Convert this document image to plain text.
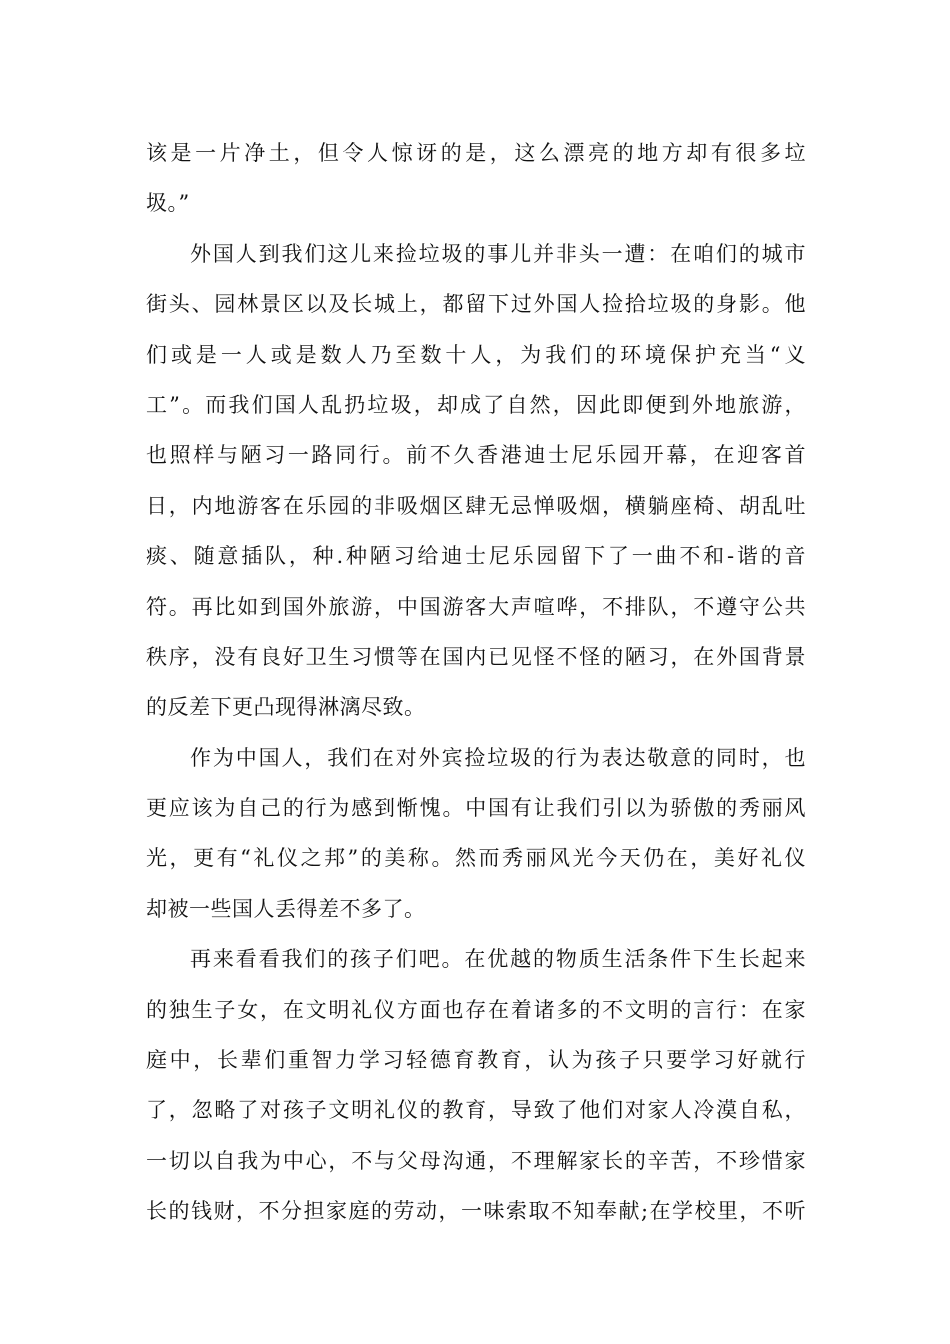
该是一片净土，但令人惊讶的是，这么漂亮的地方却有很多垃
圾。”
外国人到我们这儿来捡垃圾的事儿并非头一遭：在咱们的城市
街头、园林景区以及长城上，都留下过外国人捡拾垃圾的身影。他
们或是一人或是数人乃至数十人，为我们的环境保护充当“义
工”。而我们国人乱扔垃圾，却成了自然，因此即便到外地旅游，
也照样与陋习一路同行。前不久香港迪士尼乐园开幕，在迎客首
日，内地游客在乐园的非吸烟区肆无忌惮吸烟，横躺座椅、胡乱吐
痰、随意插队，种.种陋习给迪士尼乐园留下了一曲不和-谐的音
符。再比如到国外旅游，中国游客大声喧哗，不排队，不遵守公共
秩序，没有良好卫生习惯等在国内已见怪不怪的陋习，在外国背景
的反差下更凸现得淋漓尽致。
作为中国人，我们在对外宾捡垃圾的行为表达敬意的同时，也
更应该为自己的行为感到惭愧。中国有让我们引以为骄傲的秀丽风
光，更有“礼仪之邦”的美称。然而秀丽风光今天仍在，美好礼仪
却被一些国人丢得差不多了。
再来看看我们的孩子们吧。在优越的物质生活条件下生长起来
的独生子女，在文明礼仪方面也存在着诸多的不文明的言行：在家
庭中，长辈们重智力学习轻德育教育，认为孩子只要学习好就行
了，忽略了对孩子文明礼仪的教育，导致了他们对家人冷漠自私，
一切以自我为中心，不与父母沟通，不理解家长的辛苦，不珍惜家
长的钱财，不分担家庭的劳动，一味索取不知奉献;在学校里，不听
